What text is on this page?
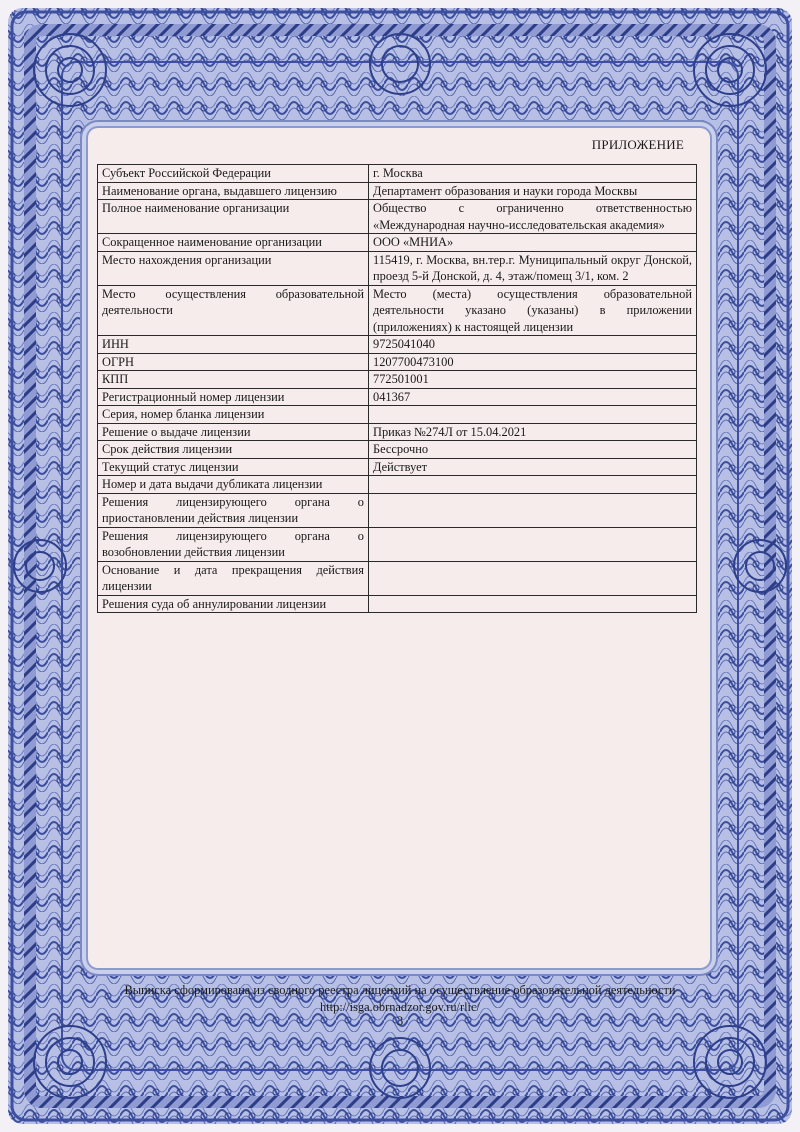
ПРИЛОЖЕНИЕ
Субъект Российской Федерации	г. Москва
Наименование органа, выдавшего лицензию	Департамент образования и науки города Москвы
Полное наименование организации	Общество с ограниченно ответственностью «Международная научно-исследовательская академия»
Сокращенное наименование организации	ООО «МНИА»
Место нахождения организации	115419, г. Москва, вн.тер.г. Муниципальный округ Донской, проезд 5-й Донской, д. 4, этаж/помещ 3/1, ком. 2
Место осуществления образовательной деятельности	Место (места) осуществления образовательной деятельности указано (указаны) в приложении (приложениях) к настоящей лицензии
ИНН	9725041040
ОГРН	1207700473100
КПП	772501001
Регистрационный номер лицензии	041367
Серия, номер бланка лицензии	
Решение о выдаче лицензии	Приказ №274Л от 15.04.2021
Срок действия лицензии	Бессрочно
Текущий статус лицензии	Действует
Номер и дата выдачи дубликата лицензии	
Решения лицензирующего органа о приостановлении действия лицензии	
Решения лицензирующего органа о возобновлении действия лицензии	
Основание и дата прекращения действия лицензии	
Решения суда об аннулировании лицензии	
Выписка сформирована из сводного реестра лицензий на осуществление образовательной деятельности http://isga.obrnadzor.gov.ru/rlic/
3
